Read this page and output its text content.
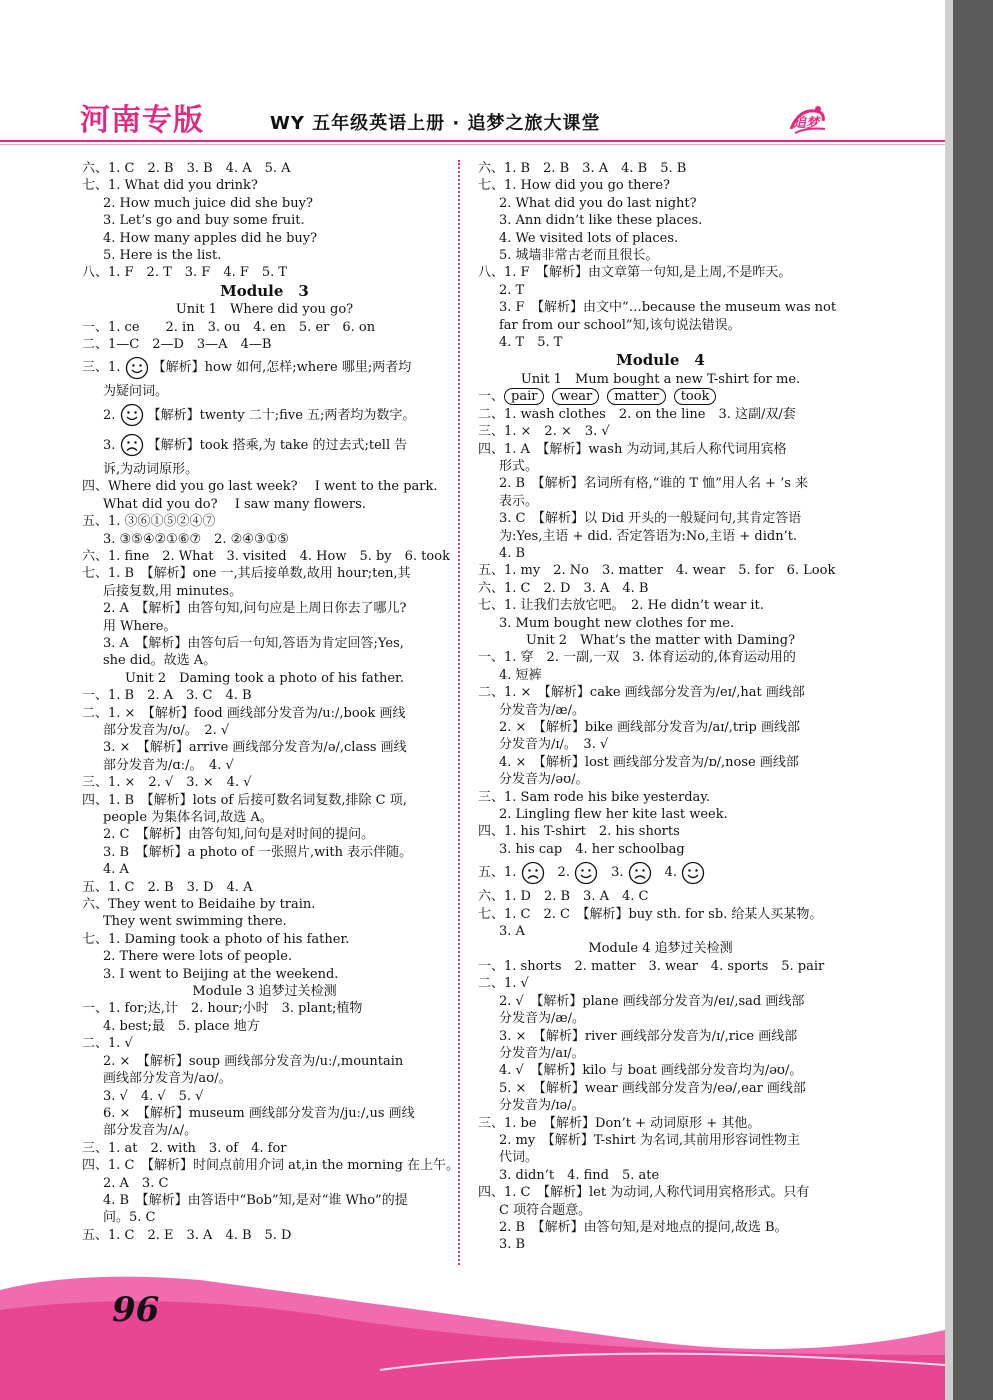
河南专版	WY 五年级英语上册 · 追梦之旅大课堂	追梦
六、1. C　2. B　3. B　4. A　5. A
七、1. What did you drink?
2. How much juice did she buy?
3. Let’s go and buy some fruit.
4. How many apples did he buy?
5. Here is the list.
八、1. F　2. T　3. F　4. F　5. T
Module　3
Unit 1　Where did you go?
一、1. ce　　2. in　3. ou　4. en　5. er　6. on
二、1—C　2—D　3—A　4—B
三、1.  【解析】how 如何,怎样;where 哪里;两者均
为疑问词。
2.  【解析】twenty 二十;five 五;两者均为数字。
3.  【解析】took 搭乘,为 take 的过去式;tell 告
诉,为动词原形。
四、Where did you go last week?　 I went to the park.
What did you do?　 I saw many flowers.
五、1. ③⑥①⑤②④⑦
3. ③⑤④②①⑥⑦　2. ②④③①⑤
六、1. fine　2. What　3. visited　4. How　5. by　6. took
七、1. B　【解析】one 一,其后接单数,故用 hour;ten,其
后接复数,用 minutes。
2. A　【解析】由答句知,问句应是上周日你去了哪儿?
用 Where。
3. A　【解析】由答句后一句知,答语为肯定回答;Yes,
she did。故选 A。
Unit 2　Daming took a photo of his father.
一、1. B　2. A　3. C　4. B
二、1. ×　【解析】food 画线部分发音为/uː/,book 画线
部分发音为/ʊ/。　2. √
3. ×　【解析】arrive 画线部分发音为/ə/,class 画线
部分发音为/ɑː/。　4. √
三、1. ×　2. √　3. ×　4. √
四、1. B　【解析】lots of 后接可数名词复数,排除 C 项,
people 为集体名词,故选 A。
2. C　【解析】由答句知,问句是对时间的提问。
3. B　【解析】a photo of 一张照片,with 表示伴随。
4. A
五、1. C　2. B　3. D　4. A
六、They went to Beidaihe by train.
They went swimming there.
七、1. Daming took a photo of his father.
2. There were lots of people.
3. I went to Beijing at the weekend.
Module 3 追梦过关检测
一、1. for;达,计　2. hour;小时　3. plant;植物
4. best;最　5. place 地方
二、1. √
2. ×　【解析】soup 画线部分发音为/uː/,mountain
画线部分发音为/aʊ/。
3. √　4. √　5. √
6. ×　【解析】museum 画线部分发音为/juː/,us 画线
部分发音为/ʌ/。
三、1. at　2. with　3. of　4. for
四、1. C　【解析】时间点前用介词 at,in the morning 在上午。
2. A　3. C
4. B　【解析】由答语中“Bob”知,是对“谁 Who”的提
问。5. C
五、1. C　2. E　3. A　4. B　5. D
六、1. B　2. B　3. A　4. B　5. B
七、1. How did you go there?
2. What did you do last night?
3. Ann didn’t like these places.
4. We visited lots of places.
5. 城墙非常古老而且很长。
八、1. F　【解析】由文章第一句知,是上周,不是昨天。
2. T
3. F　【解析】由文中“…because the museum was not
far from our school”知,该句说法错误。
4. T　5. T
Module　4
Unit 1　Mum bought a new T-shirt for me.
一、 pair wear matter took
二、1. wash clothes　2. on the line　3. 这副/双/套
三、1. ×　2. ×　3. √
四、1. A　【解析】wash 为动词,其后人称代词用宾格
形式。
2. B　【解析】名词所有格,“谁的 T 恤”用人名 + ’s 来
表示。
3. C　【解析】以 Did 开头的一般疑问句,其肯定答语
为:Yes,主语 + did. 否定答语为:No,主语 + didn’t.
4. B
五、1. my　2. No　3. matter　4. wear　5. for　6. Look
六、1. C　2. D　3. A　4. B
七、1. 让我们去放它吧。　2. He didn’t wear it.
3. Mum bought new clothes for me.
Unit 2　What’s the matter with Daming?
一、1. 穿　2. 一副,一双　3. 体育运动的,体育运动用的
4. 短裤
二、1. ×　【解析】cake 画线部分发音为/eɪ/,hat 画线部
分发音为/æ/。
2. ×　【解析】bike 画线部分发音为/aɪ/,trip 画线部
分发音为/ɪ/。　3. √
4. ×　【解析】lost 画线部分发音为/ɒ/,nose 画线部
分发音为/əʊ/。
三、1. Sam rode his bike yesterday.
2. Lingling flew her kite last week.
四、1. his T-shirt　2. his shorts
3. his cap　4. her schoolbag
五、1. 　2. 　3. 　4.
六、1. D　2. B　3. A　4. C
七、1. C　2. C　【解析】buy sth. for sb. 给某人买某物。
3. A
Module 4 追梦过关检测
一、1. shorts　2. matter　3. wear　4. sports　5. pair
二、1. √
2. √　【解析】plane 画线部分发音为/eɪ/,sad 画线部
分发音为/æ/。
3. ×　【解析】river 画线部分发音为/ɪ/,rice 画线部
分发音为/aɪ/。
4. √　【解析】kilo 与 boat 画线部分发音均为/əʊ/。
5. ×　【解析】wear 画线部分发音为/eə/,ear 画线部
分发音为/ɪə/。
三、1. be　【解析】Don’t + 动词原形 + 其他。
2. my　【解析】T-shirt 为名词,其前用形容词性物主
代词。
3. didn’t　4. find　5. ate
四、1. C　【解析】let 为动词,人称代词用宾格形式。只有
C 项符合题意。
2. B　【解析】由答句知,是对地点的提问,故选 B。
3. B
96
